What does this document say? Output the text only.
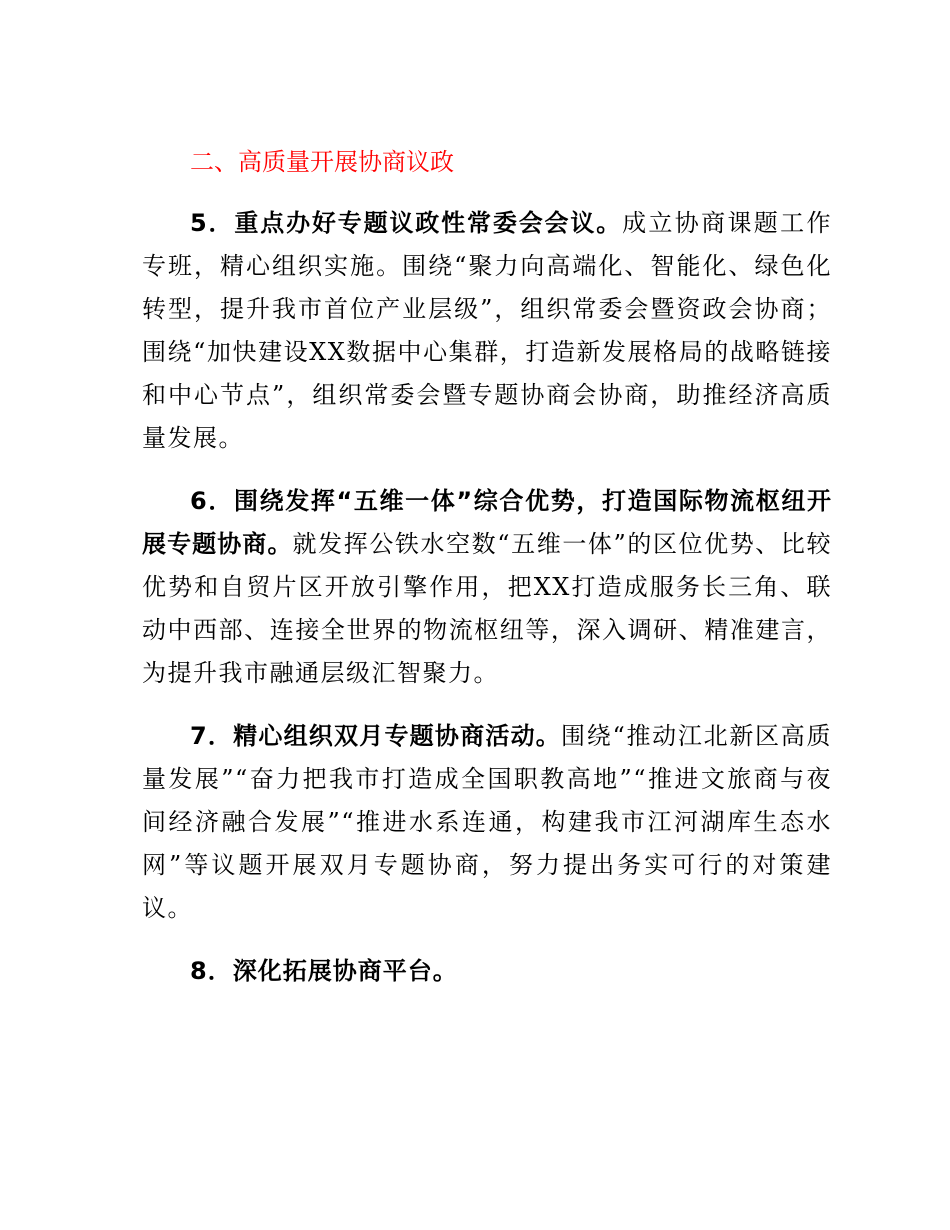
二、高质量开展协商议政
5．重点办好专题议政性常委会会议。成立协商课题工作专班，精心组织实施。围绕“聚力向高端化、智能化、绿色化转型，提升我市首位产业层级”，组织常委会暨资政会协商；围绕“加快建设XX数据中心集群，打造新发展格局的战略链接和中心节点”，组织常委会暨专题协商会协商，助推经济高质量发展。
6．围绕发挥“五维一体”综合优势，打造国际物流枢纽开展专题协商。就发挥公铁水空数“五维一体”的区位优势、比较优势和自贸片区开放引擎作用，把XX打造成服务长三角、联动中西部、连接全世界的物流枢纽等，深入调研、精准建言，为提升我市融通层级汇智聚力。
7．精心组织双月专题协商活动。围绕“推动江北新区高质量发展”“奋力把我市打造成全国职教高地”“推进文旅商与夜间经济融合发展”“推进水系连通，构建我市江河湖库生态水网”等议题开展双月专题协商，努力提出务实可行的对策建议。
8．深化拓展协商平台。
